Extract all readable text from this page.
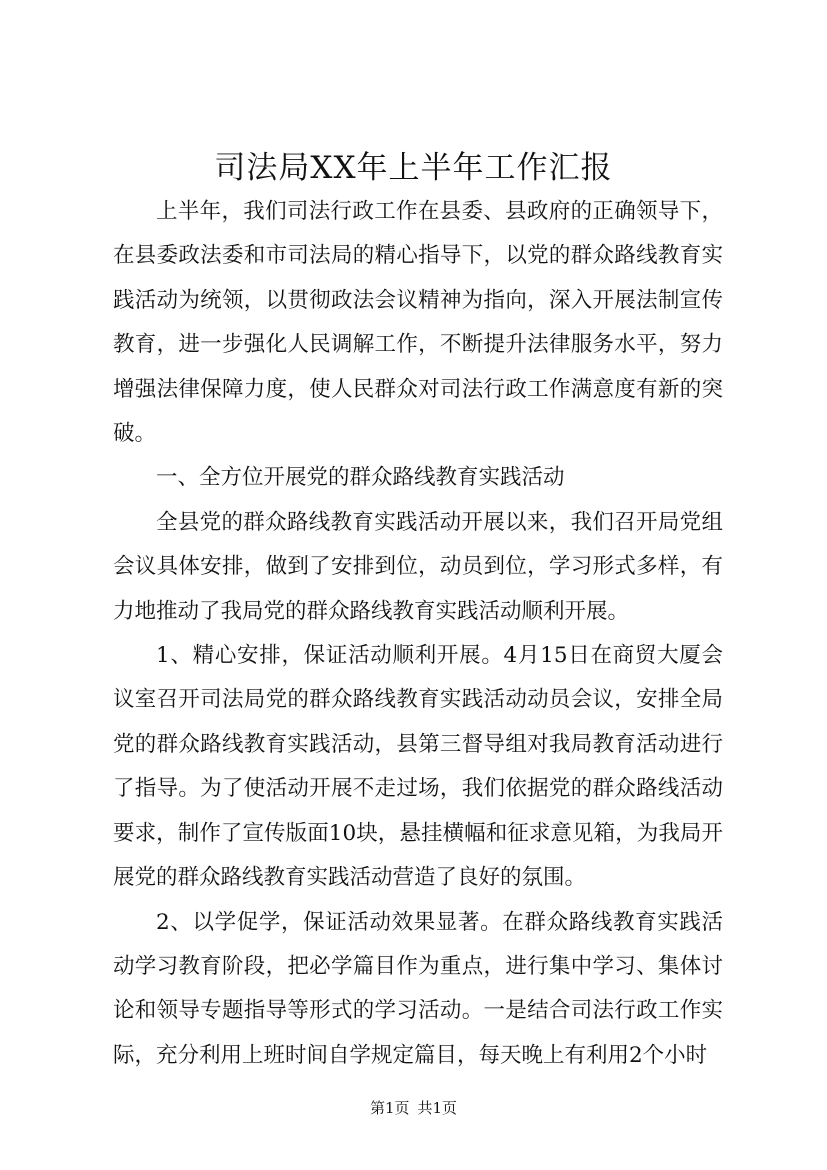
司法局XX年上半年工作汇报

上半年，我们司法行政工作在县委、县政府的正确领导下，在县委政法委和市司法局的精心指导下，以党的群众路线教育实践活动为统领，以贯彻政法会议精神为指向，深入开展法制宣传教育，进一步强化人民调解工作，不断提升法律服务水平，努力增强法律保障力度，使人民群众对司法行政工作满意度有新的突破。

一、全方位开展党的群众路线教育实践活动

全县党的群众路线教育实践活动开展以来，我们召开局党组会议具体安排，做到了安排到位，动员到位，学习形式多样，有力地推动了我局党的群众路线教育实践活动顺利开展。

1、精心安排，保证活动顺利开展。4月15日在商贸大厦会议室召开司法局党的群众路线教育实践活动动员会议，安排全局党的群众路线教育实践活动，县第三督导组对我局教育活动进行了指导。为了使活动开展不走过场，我们依据党的群众路线活动要求，制作了宣传版面10块，悬挂横幅和征求意见箱，为我局开展党的群众路线教育实践活动营造了良好的氛围。

2、以学促学，保证活动效果显著。在群众路线教育实践活动学习教育阶段，把必学篇目作为重点，进行集中学习、集体讨论和领导专题指导等形式的学习活动。一是结合司法行政工作实际，充分利用上班时间自学规定篇目，每天晚上有利用2个小时

第1页 共1页
